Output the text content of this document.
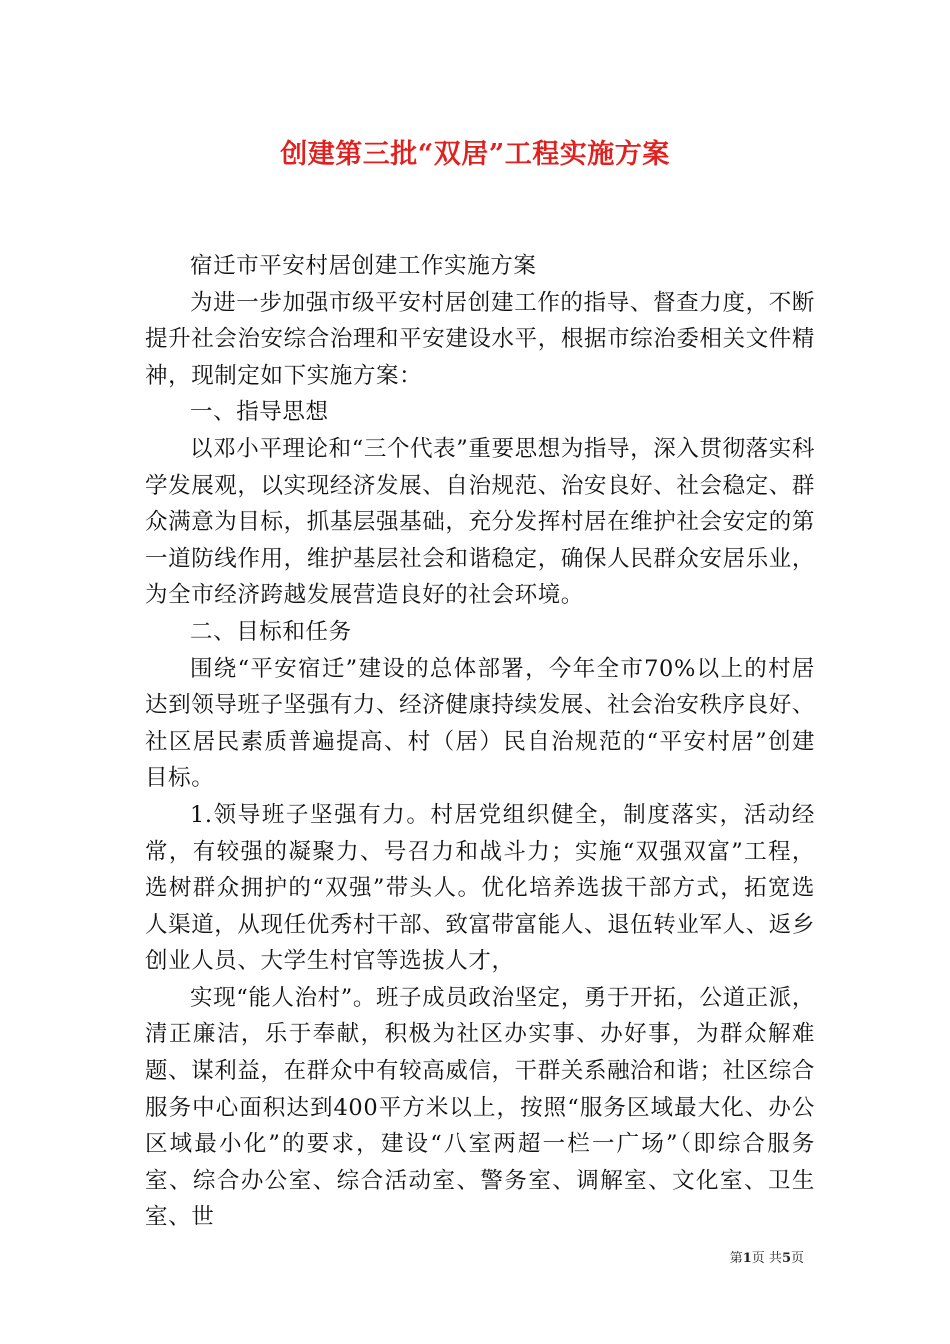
创建第三批“双居”工程实施方案

宿迁市平安村居创建工作实施方案

为进一步加强市级平安村居创建工作的指导、督查力度，不断提升社会治安综合治理和平安建设水平，根据市综治委相关文件精神，现制定如下实施方案：

一、指导思想

以邓小平理论和“三个代表”重要思想为指导，深入贯彻落实科学发展观，以实现经济发展、自治规范、治安良好、社会稳定、群众满意为目标，抓基层强基础，充分发挥村居在维护社会安定的第一道防线作用，维护基层社会和谐稳定，确保人民群众安居乐业，为全市经济跨越发展营造良好的社会环境。

二、目标和任务

围绕“平安宿迁”建设的总体部署，今年全市70%以上的村居达到领导班子坚强有力、经济健康持续发展、社会治安秩序良好、社区居民素质普遍提高、村（居）民自治规范的“平安村居”创建目标。

1.领导班子坚强有力。村居党组织健全，制度落实，活动经常，有较强的凝聚力、号召力和战斗力；实施“双强双富”工程，选树群众拥护的“双强”带头人。优化培养选拔干部方式，拓宽选人渠道，从现任优秀村干部、致富带富能人、退伍转业军人、返乡创业人员、大学生村官等选拔人才，

实现“能人治村”。班子成员政治坚定，勇于开拓，公道正派，清正廉洁，乐于奉献，积极为社区办实事、办好事，为群众解难题、谋利益，在群众中有较高威信，干群关系融洽和谐；社区综合服务中心面积达到400平方米以上，按照“服务区域最大化、办公区域最小化”的要求，建设“八室两超一栏一广场”（即综合服务室、综合办公室、综合活动室、警务室、调解室、文化室、卫生室、世

第1页 共5页
